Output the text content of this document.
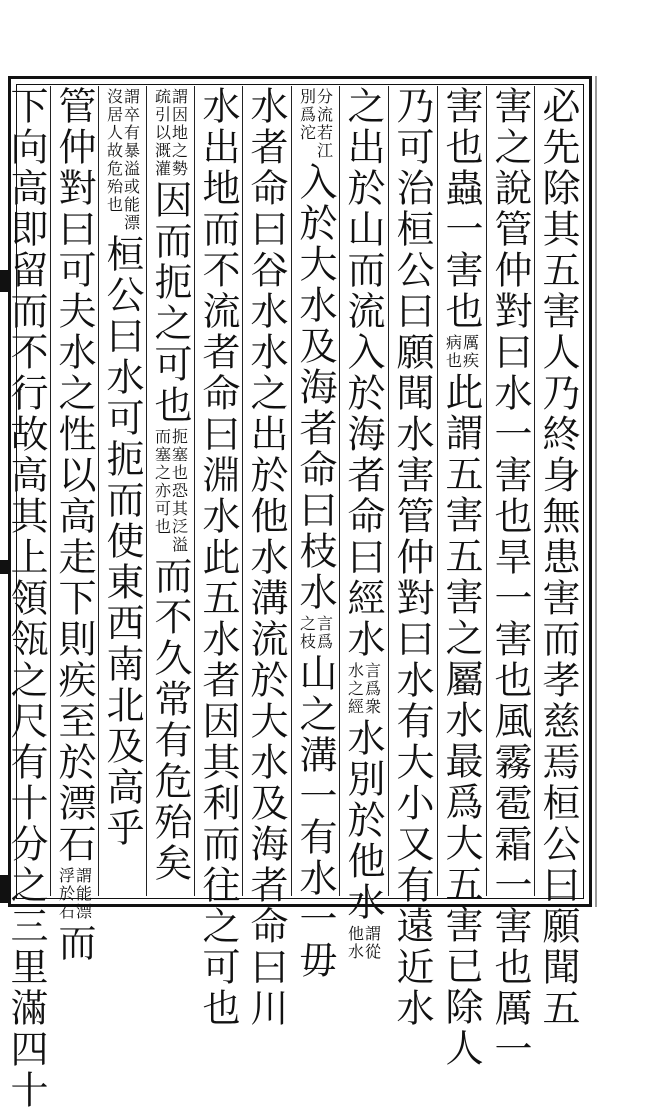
必先除其五害人乃終身無患害而孝慈焉桓公曰願聞五
害之說管仲對曰水一害也旱一害也風霧雹霜一害也厲一
害也蟲一害也
厲疾
病也
此謂五害五害之屬水最爲大五害已除人
乃可治桓公曰願聞水害管仲對曰水有大小又有遠近水
之出於山而流入於海者命曰經水
言爲衆
水之經
水別於他水
謂從
他水
分流若江
別爲沱
入於大水及海者命曰枝水
言爲
之枝
山之溝一有水一毋
水者命曰谷水水之出於他水溝流於大水及海者命曰川
水出地而不流者命曰淵水此五水者因其利而往之可也
謂因地之勢
疏引以溉灌
因而扼之可也
扼塞也恐其泛溢
而塞之亦可也
而不久常有危殆矣
謂卒有暴溢或能漂
沒居人故危殆也
桓公曰水可扼而使東西南北及高乎
管仲對曰可夫水之性以高走下則疾至於漂石
謂能漂
浮於石
而
下向高即留而不行故高其上領瓴之尺有十分之三里滿四十
